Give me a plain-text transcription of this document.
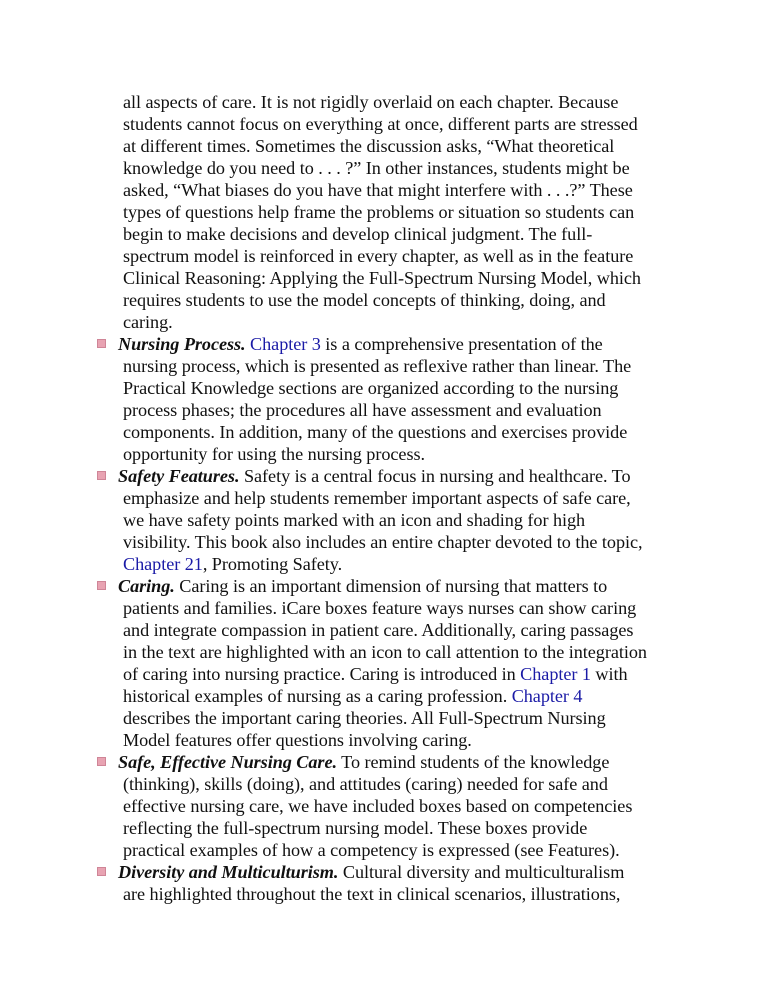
all aspects of care. It is not rigidly overlaid on each chapter. Because
students cannot focus on everything at once, different parts are stressed
at different times. Sometimes the discussion asks, “What theoretical
knowledge do you need to . . . ?” In other instances, students might be
asked, “What biases do you have that might interfere with . . .?” These
types of questions help frame the problems or situation so students can
begin to make decisions and develop clinical judgment. The full-
spectrum model is reinforced in every chapter, as well as in the feature
Clinical Reasoning: Applying the Full-Spectrum Nursing Model, which
requires students to use the model concepts of thinking, doing, and
caring.
Nursing Process. Chapter 3 is a comprehensive presentation of the
nursing process, which is presented as reflexive rather than linear. The
Practical Knowledge sections are organized according to the nursing
process phases; the procedures all have assessment and evaluation
components. In addition, many of the questions and exercises provide
opportunity for using the nursing process.
Safety Features. Safety is a central focus in nursing and healthcare. To
emphasize and help students remember important aspects of safe care,
we have safety points marked with an icon and shading for high
visibility. This book also includes an entire chapter devoted to the topic,
Chapter 21, Promoting Safety.
Caring. Caring is an important dimension of nursing that matters to
patients and families. iCare boxes feature ways nurses can show caring
and integrate compassion in patient care. Additionally, caring passages
in the text are highlighted with an icon to call attention to the integration
of caring into nursing practice. Caring is introduced in Chapter 1 with
historical examples of nursing as a caring profession. Chapter 4
describes the important caring theories. All Full-Spectrum Nursing
Model features offer questions involving caring.
Safe, Effective Nursing Care. To remind students of the knowledge
(thinking), skills (doing), and attitudes (caring) needed for safe and
effective nursing care, we have included boxes based on competencies
reflecting the full-spectrum nursing model. These boxes provide
practical examples of how a competency is expressed (see Features).
Diversity and Multiculturism. Cultural diversity and multiculturalism
are highlighted throughout the text in clinical scenarios, illustrations,
